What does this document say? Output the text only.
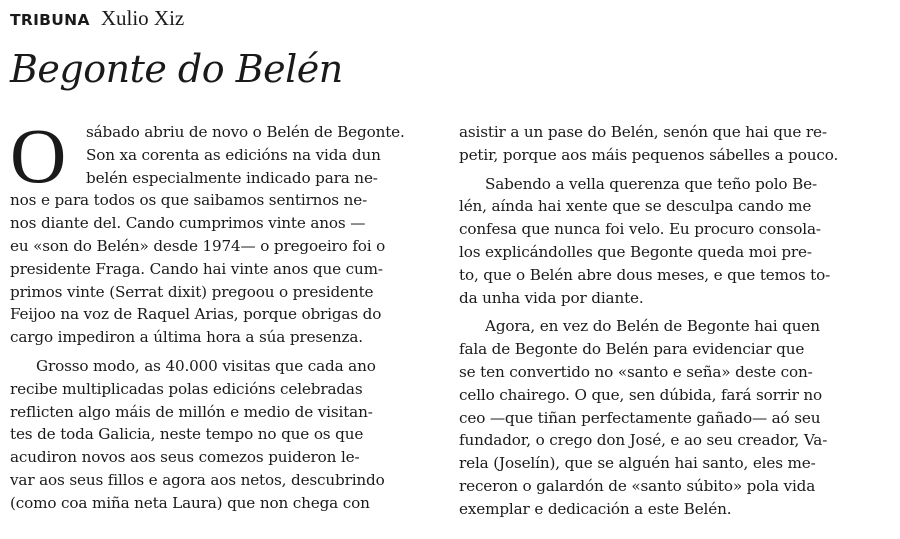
TRIBUNA Xulio Xiz
Begonte do Belén

O	sábado abriu de novo o Belén de Begonte.
Son xa corenta as edicións na vida dun
belén especialmente indicado para ne-
nos e para todos os que saibamos sentirnos ne-
nos diante del. Cando cumprimos vinte anos —
eu «son do Belén» desde 1974— o pregoeiro foi o
presidente Fraga. Cando hai vinte anos que cum-
primos vinte (Serrat dixit) pregoou o presidente
Feijoo na voz de Raquel Arias, porque obrigas do
cargo impediron a última hora a súa presenza.

Grosso modo, as 40.000 visitas que cada ano
recibe multiplicadas polas edicións celebradas
reflicten algo máis de millón e medio de visitan-
tes de toda Galicia, neste tempo no que os que
acudiron novos aos seus comezos puideron le-
var aos seus fillos e agora aos netos, descubrindo
(como coa miña neta Laura) que non chega con

asistir a un pase do Belén, senón que hai que re-
petir, porque aos máis pequenos sábelles a pouco.

Sabendo a vella querenza que teño polo Be-
lén, aínda hai xente que se desculpa cando me
confesa que nunca foi velo. Eu procuro consola-
los explicándolles que Begonte queda moi pre-
to, que o Belén abre dous meses, e que temos to-
da unha vida por diante.

Agora, en vez do Belén de Begonte hai quen
fala de Begonte do Belén para evidenciar que
se ten convertido no «santo e seña» deste con-
cello chairego. O que, sen dúbida, fará sorrir no
ceo —que tiñan perfectamente gañado— aó seu
fundador, o crego don José, e ao seu creador, Va-
rela (Joselín), que se alguén hai santo, eles me-
receron o galardón de «santo súbito» pola vida
exemplar e dedicación a este Belén.
